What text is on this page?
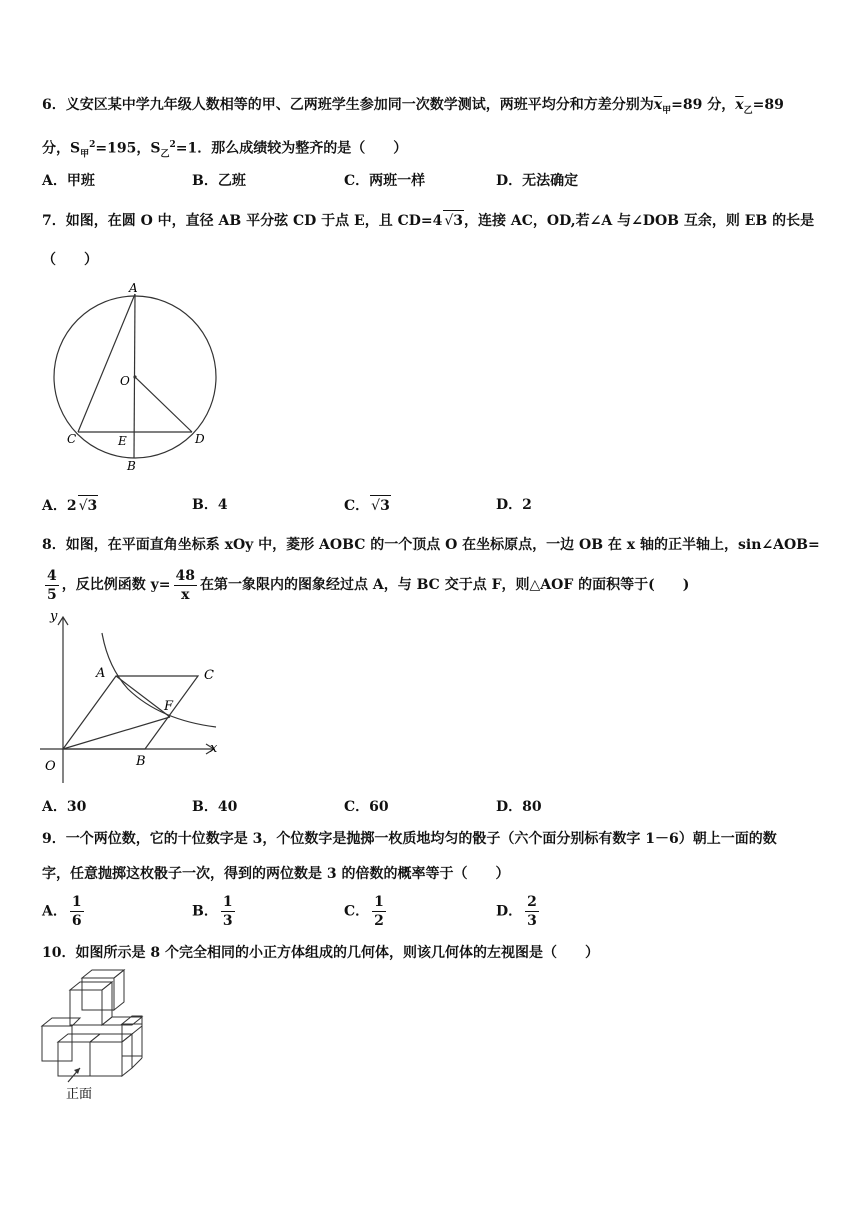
6．义安区某中学九年级人数相等的甲、乙两班学生参加同一次数学测试，两班平均分和方差分别为$\overline{x}_甲=89$ 分，$\overline{x}_乙=89$
分，$S_甲^2=195$，$S_乙^2=1$．那么成绩较为整齐的是（　　）
A．甲班	B．乙班	C．两班一样	D．无法确定
7．如图，在圆 O 中，直径 AB 平分弦 CD 于点 E，且 CD=4 √3，连接 AC，OD,若∠A 与∠DOB 互余，则 EB 的长是
（　　）
A
O
C	E	D
B
A．2 √3	B．4	C． √3	D．2
8．如图，在平面直角坐标系 xOy 中，菱形 AOBC 的一个顶点 O 在坐标原点，一边 OB 在 x 轴的正半轴上，sin∠AOB=
$\frac{4}{5}$ ，反比例函数 $y= \frac{48}{x}$ 在第一象限内的图象经过点 A，与 BC 交于点 F，则△AOF 的面积等于(　　)
y
x
A	C
F
O	B
A．30	B．40	C．60	D．80
9．一个两位数，它的十位数字是 3，个位数字是抛掷一枚质地均匀的骰子（六个面分别标有数字 1－6）朝上一面的数
字，任意抛掷这枚骰子一次，得到的两位数是 3 的倍数的概率等于（　　）
A． $\frac{1}{6}$	B． $\frac{1}{3}$	C． $\frac{1}{2}$	D． $\frac{2}{3}$
10．如图所示是 8 个完全相同的小正方体组成的几何体，则该几何体的左视图是（　　）
正面
